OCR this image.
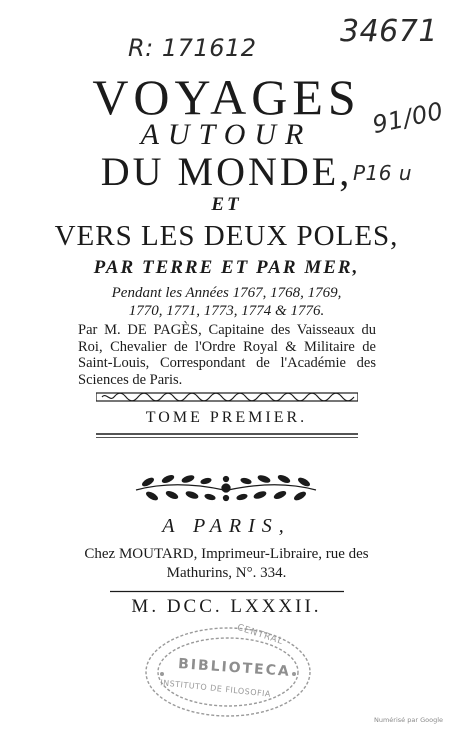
R: 171612	34671
91/00
P16 u
VOYAGES
AUTOUR
DU MONDE,
ET
VERS LES DEUX POLES,
PAR TERRE ET PAR MER,
Pendant les Années 1767, 1768, 1769,
1770, 1771, 1773, 1774 & 1776.
Par M. DE PAGÈS, Capitaine des Vaisseaux du Roi, Chevalier de l'Ordre Royal & Militaire de Saint-Louis, Correspondant de l'Académie des Sciences de Paris.
TOME PREMIER.
A PARIS,
Chez MOUTARD, Imprimeur-Libraire, rue des
Mathurins, N°. 334.
M. DCC. LXXXII.
CENTRAL
BIBLIOTECA
INSTITUTO DE FILOSOFIA
Numérisé par Google
